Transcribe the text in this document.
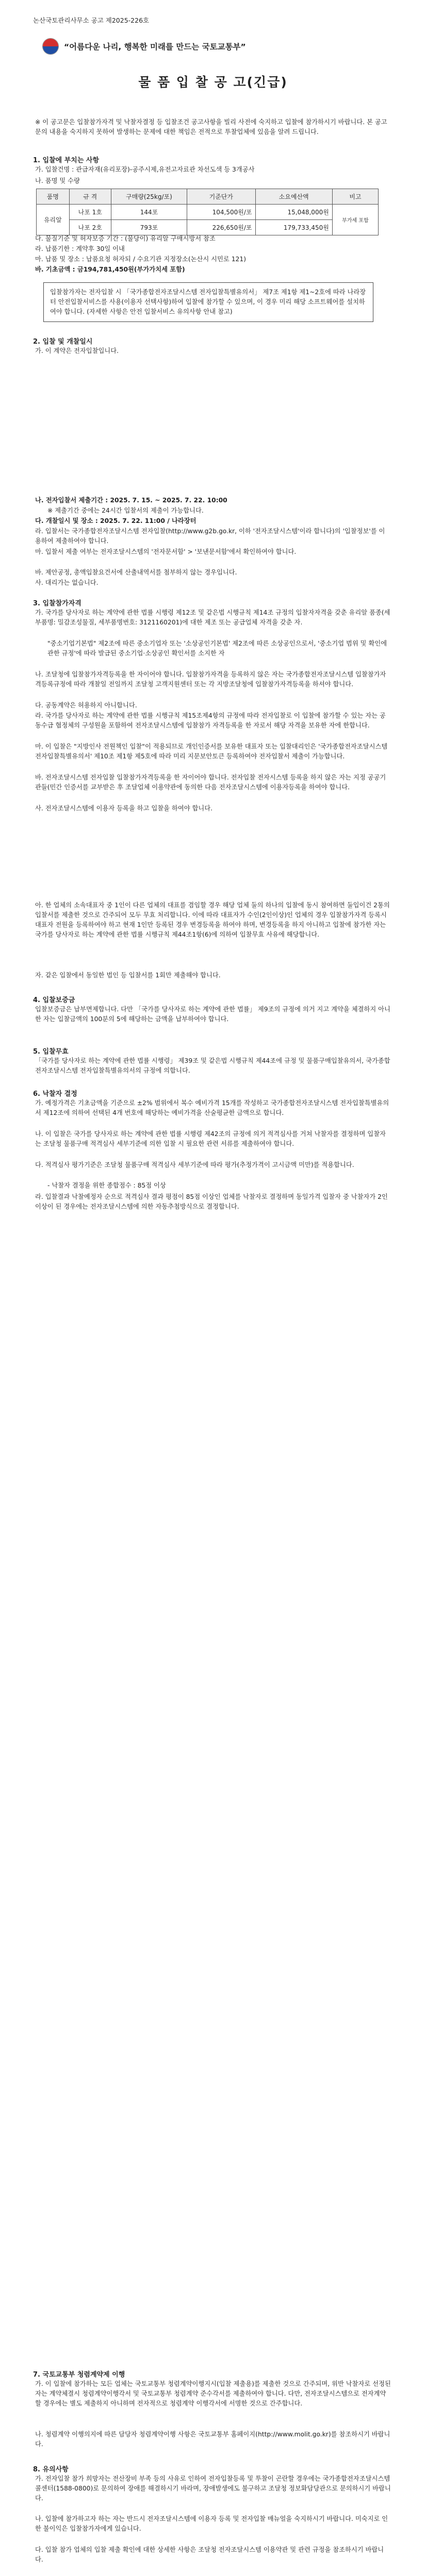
논산국토관리사무소 공고 제2025-226호
“어름다운 나리, 행복한 미래를 만드는 국토교통부”
물 품 입 찰 공 고(긴급)
※ 이 공고문은 입찰참가자격 및 낙찰자결정 등 입찰조건 공고사항을 빌리 사전에 숙지하고 입찰에 참가하시기 바랍니다. 본 공고문의 내용을 숙지하지 못하여 발생하는 문제에 대한 책임은 전적으로 투찰업체에 있음을 알려 드립니다.
1. 입찰에 부치는 사항
가. 입찰건명 : 관급자재(유리포장)-공주시제,유전고자료관 차선도색 등 3개공사
나. 품명 및 수량
품명	규 격	구매량(25kg/포)	기준단가	소요예산액	비고
유리알	나포 1호	144포	104,500원/포	15,048,000원	부가세 포함
	나포 2호	793포	226,650원/포	179,733,450원	
다. 물질기준 및 허자보증 기간 : (물당이) 유리알 구매시방서 참조
라. 납품기한 : 계약후 30일 이내
마. 납품 및 장소 : 납품요청 허자되 / 수요기관 지정장소(논산시 시민로 121)
바. 기초금액 : 금194,781,450원(부가가치세 포함)
입찰참가자는 전자입찰 시 「국가종합전자조달시스템 전자입찰특별유의서」 제7조 제1항 제1~2호에 따라 나라장터 안전입찰서비스를 사용(이용자 선택사항)하여 입찰에 참가할 수 있으며, 이 경우 미리 해당 소프트웨어를 설치하여야 합니다. (자세한 사항은 안전 입찰서비스 유의사항 안내 참고)
2. 입찰 및 개찰일시
가. 이 계약은 전자입찰입니다.
나. 전자입찰서 제출기간 : 2025. 7. 15. ~ 2025. 7. 22. 10:00
※ 제출기간 중에는 24시간 입찰서의 제출이 가능합니다.
다. 개찰일시 및 장소 : 2025. 7. 22. 11:00 / 나라장터
라. 입찰서는 국가종합전자조달시스템 전자입찰(http://www.g2b.go.kr, 이하 '전자조달시스템'이라 합니다)의 '입찰정보'를 이용하여 제출하여야 합니다.
마. 입찰서 제출 여부는 전자조달시스템의 '전자문서함' > '보낸문서함'에서 확인하여야 합니다.
바. 제안공정, 총액입찰요건서에 산출내역서를 첨부하지 않는 경우입니다.
사. 대리가는 없습니다.
3. 입찰참가자격
가. 국가를 당사자로 하는 계약에 관한 법률 시행령 제12조 및 같은법 시행규칙 제14조 규정의 입찰자자격을 갖춘 유리알 품종(세부품명: 밀감조성물질, 세부품명번호: 3121160201)에 대한 제조 또는 공급업체 자격을 갖춘 자.
"중소기업기본법" 제2조에 따른 중소기업자 또는 '소상공인기본법' 제2조에 따른 소상공인으로서, '중소기업 범위 및 확인에 관한 규정'에 따라 발급된 중소기업·소상공인 확인서를 소지한 자
나. 조달청에 입찰참가자격등록을 한 자이어야 합니다. 입찰참가자격을 등록하지 않은 자는 국가종합전자조달시스템 입찰참가자격등록규정에 따라 개찰일 전일까지 조달청 고객지원센터 또는 각 지방조달청에 입찰참가자격등록을 하셔야 합니다.
다. 공동계약은 허용하지 아니합니다.
라. 국가를 당사자로 하는 계약에 관한 법률 시행규칙 제15조제4항의 규정에 따라 전자입찰로 이 입찰에 참가할 수 있는 자는 공동수급 협정체의 구성원을 포함하여 전자조달시스템에 입찰참가 자격등록을 한 자로서 해당 자격을 보유한 자에 한합니다.
마. 이 입찰은 "지방인사 전원책인 입찰"이 적용되므로 개인인증서를 보유한 대표자 또는 입찰대리인은 '국가종합전자조달시스템 전자입찰특별유의서' 제10조 제1항 제5호에 따라 미리 지문보안토큰 등록하여야 전자입찰서 제출이 가능합니다.
바. 전자조달시스템 전자입찰 입찰참가자격등록을 한 자이어야 합니다. 전자입찰 전자시스템 등록을 하지 않은 자는 지정 공공기관들(민간 인증서를 교부받은 후 조달업체 이용약관에 동의한 다음 전자조달시스템에 이용자등록을 하여야 합니다.
사. 전자조달시스템에 이용자 등록을 하고 입찰을 하여야 합니다.
아. 한 업체의 소속대표자 중 1인이 다른 업체의 대표를 겸임할 경우 해당 업체 둘의 하나의 입찰에 동시 참여하면 둘입이건 2통의 입찰서를 제출한 것으로 간주되어 모두 무효 처리합니다. 이에 따라 대표자가 수인(2인이상)인 업체의 경우 입찰참가자격 등록시 대표자 전원을 등록하여야 하고 현재 1인만 등록된 경우 변경등록을 하여야 하며, 변경등록을 하지 아니하고 입찰에 참가한 자는 국가를 당사자로 하는 계약에 관한 법률 시행규칙 제44조1항(6)에 의하여 입찰무효 사유에 해당합니다.
자. 같은 입찰에서 동일한 법인 등 입찰서를 1회만 제출해야 합니다.
4. 입찰보증금
입찰보증금은 납부면제합니다. 다만 「국가를 당사자로 하는 계약에 관한 법률」 제9조의 규정에 의거 지고 계약을 체결하지 아니한 자는 입찰금액의 100분의 5에 해당하는 금액을 납부하여야 합니다.
5. 입찰무효
「국가를 당사자로 하는 계약에 관한 법률 시행령」 제39조 및 같은법 시행규칙 제44조에 규정 및 물품구매입찰유의서, 국가종합전자조달시스템 전자입찰특별유의서의 규정에 의합니다.
6. 낙찰자 결정
가. 예정가격은 기초금액을 기준으로 ±2% 범위에서 복수 예비가격 15개를 작성하고 국가종합전자조달시스템 전자입찰특별유의서 제12조에 의하여 선택된 4개 번호에 해당하는 예비가격을 산술평균한 금액으로 합니다.
나. 이 입찰은 국가를 당사자로 하는 계약에 관한 법률 시행령 제42조의 규정에 의거 적격심사를 거쳐 낙찰자를 결정하며 입찰자는 조달청 물품구매 적격심사 세부기준에 의한 입찰 시 필요한 관련 서류를 제출하여야 합니다.
다. 적격심사 평가기준은 조달청 물품구매 적격심사 세부기준에 따라 평가(추정가격이 고시금액 미만)를 적용합니다.
- 낙찰자 결정을 위한 종합점수 : 85점 이상
라. 입찰결과 낙찰예정자 순으로 적격심사 결과 평점이 85점 이상인 업체를 낙찰자로 결정하며 동일가격 입찰자 중 낙찰자가 2인 이상이 된 경우에는 전자조달시스템에 의한 자동추첨방식으로 결정합니다.
7. 국토교통부 청렴계약제 이행
가. 이 입찰에 참가하는 모든 업체는 국토교통부 청렴계약이행지시(입찰 제출용)를 제출한 것으로 간주되며, 위반 낙찰자로 선정된 자는 계약체결시 청렴계약이행각서 및 국토교통부 청렴계약 준수각서를 제출하여야 합니다. 다만, 전자조달시스템으로 전자계약할 경우에는 별도 제출하지 아니하며 전자적으로 청렴계약 이행각서에 서명한 것으로 간주합니다.
나. 청렴계약 이행의지에 따른 담당자 청렴계약이행 사항은 국토교통부 홈페이지(http://www.molit.go.kr)를 참조하시기 바랍니다.
8. 유의사항
가. 전자입찰 참가 희망자는 전산장비 부족 등의 사유로 인하여 전자입찰등록 및 투찰이 곤란할 경우에는 국가종합전자조달시스템 콜센터(1588-0800)로 문의하여 장애를 해결하시기 바라며, 장애발생에도 불구하고 조달청 정보화담당관으로 문의하시기 바랍니다.
나. 입찰에 참가하고자 하는 자는 반드시 전자조달시스템에 이용자 등록 및 전자입찰 매뉴얼을 숙지하시기 바랍니다. 미숙지로 인한 불이익은 입찰참가자에게 있습니다.
다. 입찰 참가 업체의 입찰 제출 확인에 대한 상세한 사항은 조달청 전자조달시스템 이용약관 및 관련 규정을 참조하시기 바랍니다.
